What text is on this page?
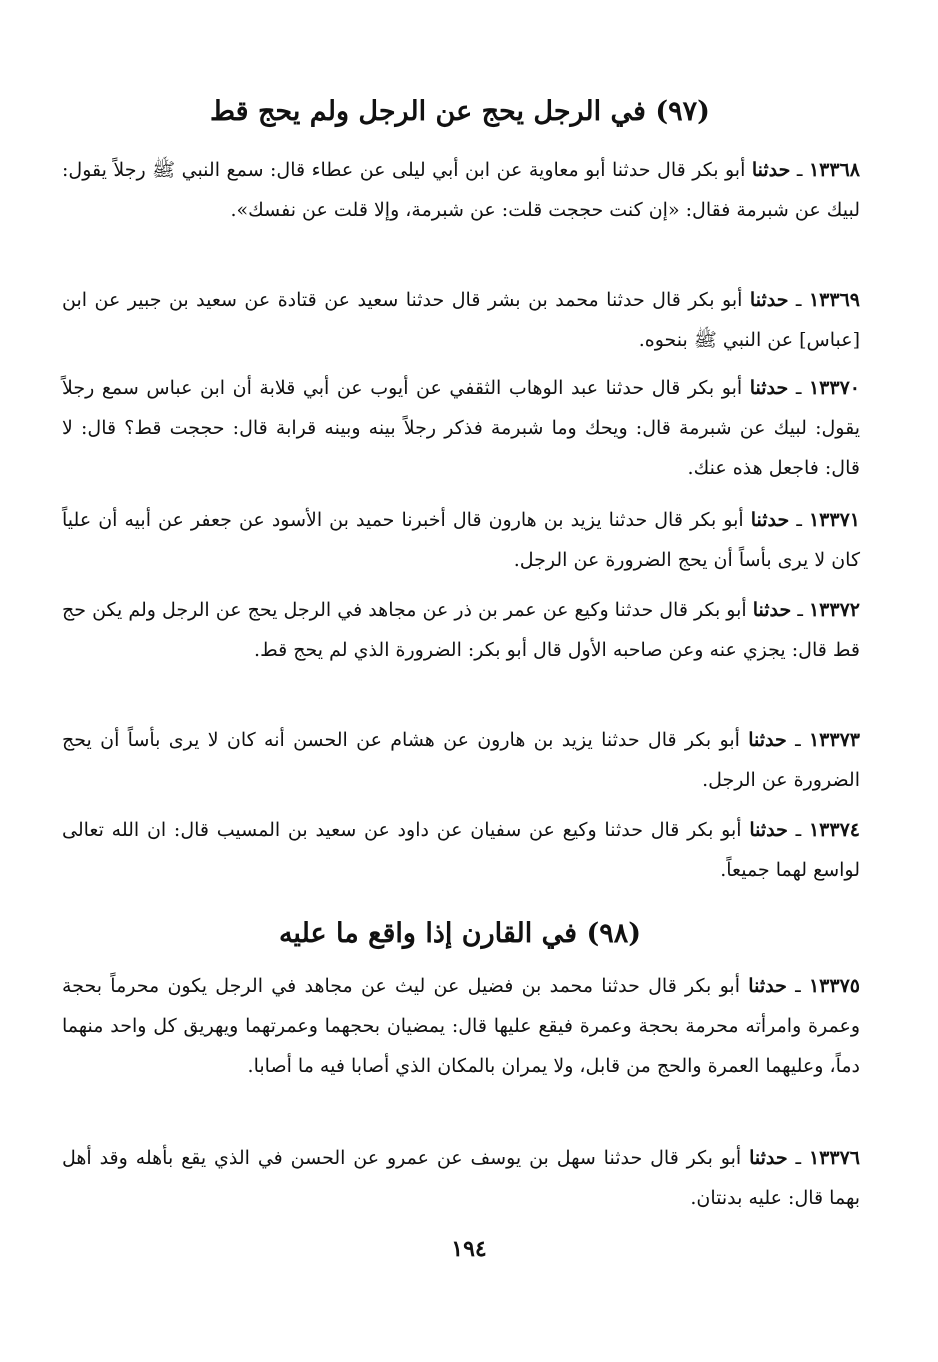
(٩٧) في الرجل يحج عن الرجل ولم يحج قط

١٣٣٦٨ ـ حدثنا أبو بكر قال حدثنا أبو معاوية عن ابن أبي ليلى عن عطاء قال: سمع النبي ﷺ رجلاً يقول: لبيك عن شبرمة فقال: «إن كنت حججت قلت: عن شبرمة، وإلا قلت عن نفسك».

١٣٣٦٩ ـ حدثنا أبو بكر قال حدثنا محمد بن بشر قال حدثنا سعيد عن قتادة عن سعيد بن جبير عن ابن [عباس] عن النبي ﷺ بنحوه.

١٣٣٧٠ ـ حدثنا أبو بكر قال حدثنا عبد الوهاب الثقفي عن أيوب عن أبي قلابة أن ابن عباس سمع رجلاً يقول: لبيك عن شبرمة قال: ويحك وما شبرمة فذكر رجلاً بينه وبينه قرابة قال: حججت قط؟ قال: لا قال: فاجعل هذه عنك.

١٣٣٧١ ـ حدثنا أبو بكر قال حدثنا يزيد بن هارون قال أخبرنا حميد بن الأسود عن جعفر عن أبيه أن علياً كان لا يرى بأساً أن يحج الضرورة عن الرجل.

١٣٣٧٢ ـ حدثنا أبو بكر قال حدثنا وكيع عن عمر بن ذر عن مجاهد في الرجل يحج عن الرجل ولم يكن حج قط قال: يجزي عنه وعن صاحبه الأول قال أبو بكر: الضرورة الذي لم يحج قط.

١٣٣٧٣ ـ حدثنا أبو بكر قال حدثنا يزيد بن هارون عن هشام عن الحسن أنه كان لا يرى بأساً أن يحج الضرورة عن الرجل.

١٣٣٧٤ ـ حدثنا أبو بكر قال حدثنا وكيع عن سفيان عن داود عن سعيد بن المسيب قال: ان الله تعالى لواسع لهما جميعاً.

(٩٨) في القارن إذا واقع ما عليه

١٣٣٧٥ ـ حدثنا أبو بكر قال حدثنا محمد بن فضيل عن ليث عن مجاهد في الرجل يكون محرماً بحجة وعمرة وامرأته محرمة بحجة وعمرة فيقع عليها قال: يمضيان بحجهما وعمرتهما ويهريق كل واحد منهما دماً، وعليهما العمرة والحج من قابل، ولا يمران بالمكان الذي أصابا فيه ما أصابا.

١٣٣٧٦ ـ حدثنا أبو بكر قال حدثنا سهل بن يوسف عن عمرو عن الحسن في الذي يقع بأهله وقد أهل بهما قال: عليه بدنتان.

١٩٤
